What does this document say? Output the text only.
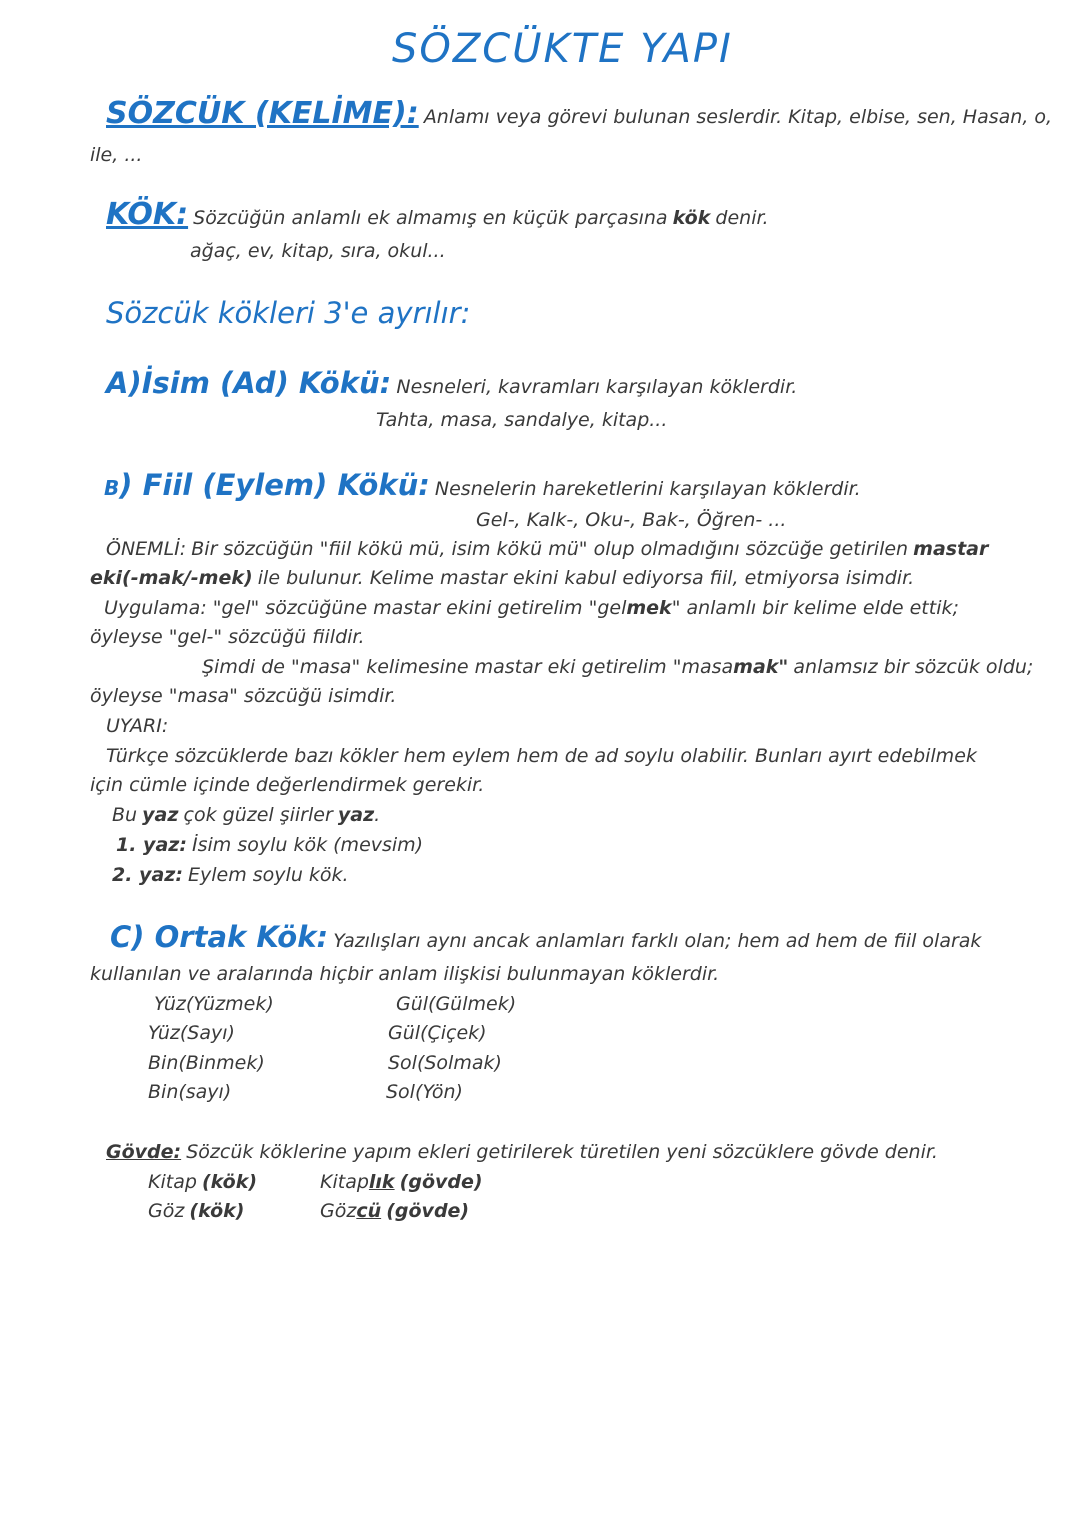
SÖZCÜKTE YAPI
SÖZCÜK (KELİME): Anlamı veya görevi bulunan seslerdir. Kitap, elbise, sen, Hasan, o,
ile, ...
KÖK: Sözcüğün anlamlı ek almamış en küçük parçasına kök denir.
ağaç, ev, kitap, sıra, okul...
Sözcük kökleri 3'e ayrılır:
A)İsim (Ad) Kökü: Nesneleri, kavramları karşılayan köklerdir.
Tahta, masa, sandalye, kitap...
B) Fiil (Eylem) Kökü: Nesnelerin hareketlerini karşılayan köklerdir.
Gel-, Kalk-, Oku-, Bak-, Öğren- ...
ÖNEMLİ: Bir sözcüğün "fiil kökü mü, isim kökü mü" olup olmadığını sözcüğe getirilen mastar
eki(-mak/-mek) ile bulunur. Kelime mastar ekini kabul ediyorsa fiil, etmiyorsa isimdir.
Uygulama: "gel" sözcüğüne mastar ekini getirelim "gelmek" anlamlı bir kelime elde ettik;
öyleyse "gel-" sözcüğü fiildir.
Şimdi de "masa" kelimesine mastar eki getirelim "masamak" anlamsız bir sözcük oldu;
öyleyse "masa" sözcüğü isimdir.
UYARI:
Türkçe sözcüklerde bazı kökler hem eylem hem de ad soylu olabilir. Bunları ayırt edebilmek
için cümle içinde değerlendirmek gerekir.
Bu yaz çok güzel şiirler yaz.
1. yaz: İsim soylu kök (mevsim)
2. yaz: Eylem soylu kök.
C) Ortak Kök: Yazılışları aynı ancak anlamları farklı olan; hem ad hem de fiil olarak
kullanılan ve aralarında hiçbir anlam ilişkisi bulunmayan köklerdir.
Yüz(Yüzmek)
Yüz(Sayı)
Bin(Binmek)
Bin(sayı)
Gül(Gülmek)
Gül(Çiçek)
Sol(Solmak)
Sol(Yön)
Gövde: Sözcük köklerine yapım ekleri getirilerek türetilen yeni sözcüklere gövde denir.
Kitap (kök)	Kitaplık (gövde)
Göz (kök)	Gözcü (gövde)
